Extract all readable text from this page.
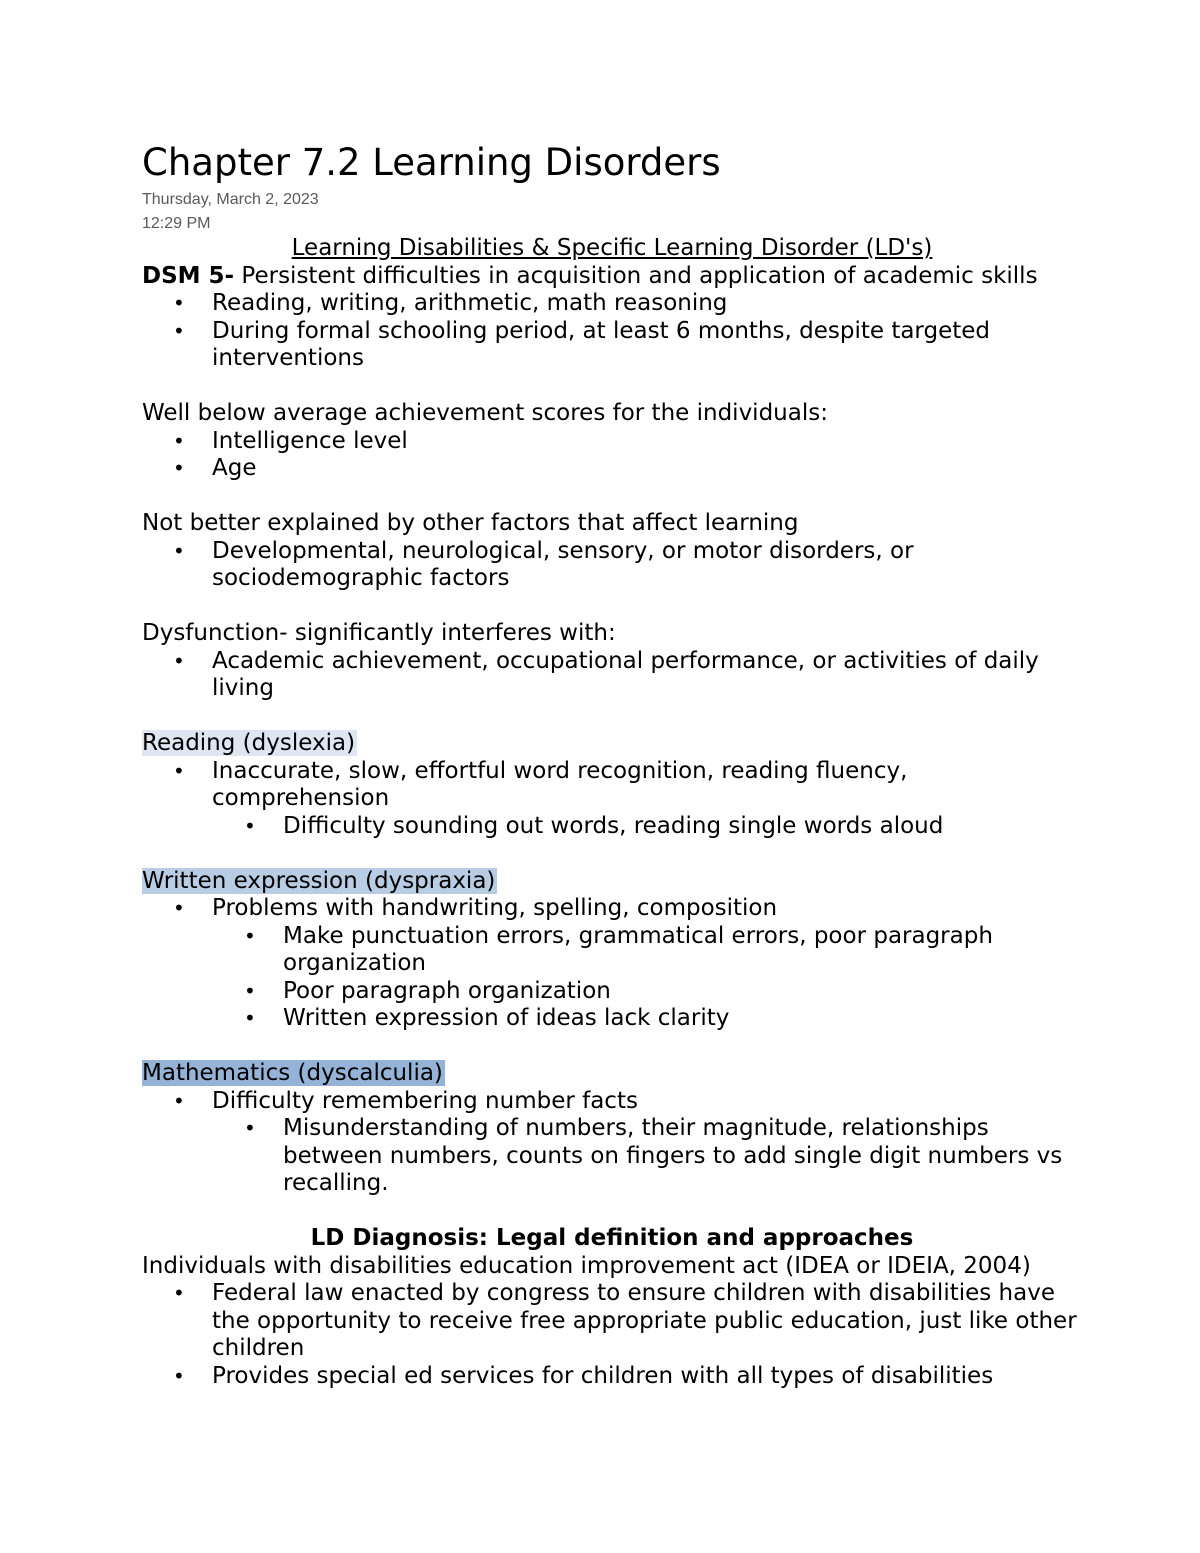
Chapter 7.2 Learning Disorders
Thursday, March 2, 2023
12:29 PM
Learning Disabilities & Specific Learning Disorder (LD's)
DSM 5- Persistent difficulties in acquisition and application of academic skills
• Reading, writing, arithmetic, math reasoning
• During formal schooling period, at least 6 months, despite targeted interventions
Well below average achievement scores for the individuals:
• Intelligence level
• Age
Not better explained by other factors that affect learning
• Developmental, neurological, sensory, or motor disorders, or sociodemographic factors
Dysfunction- significantly interferes with:
• Academic achievement, occupational performance, or activities of daily living
Reading (dyslexia)
• Inaccurate, slow, effortful word recognition, reading fluency, comprehension
• Difficulty sounding out words, reading single words aloud
Written expression (dyspraxia)
• Problems with handwriting, spelling, composition
• Make punctuation errors, grammatical errors, poor paragraph organization
• Poor paragraph organization
• Written expression of ideas lack clarity
Mathematics (dyscalculia)
• Difficulty remembering number facts
• Misunderstanding of numbers, their magnitude, relationships between numbers, counts on fingers to add single digit numbers vs recalling.
LD Diagnosis: Legal definition and approaches
Individuals with disabilities education improvement act (IDEA or IDEIA, 2004)
• Federal law enacted by congress to ensure children with disabilities have the opportunity to receive free appropriate public education, just like other children
• Provides special ed services for children with all types of disabilities
